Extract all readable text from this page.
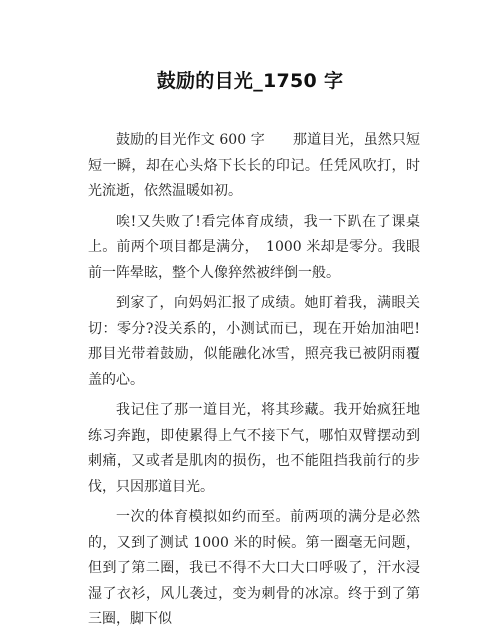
鼓励的目光_1750 字

鼓励的目光作文 600 字　　那道目光，虽然只短短一瞬，却在心头烙下长长的印记。任凭风吹打，时光流逝，依然温暖如初。

唉!又失败了!看完体育成绩，我一下趴在了课桌上。前两个项目都是满分，　1000 米却是零分。我眼前一阵晕眩，整个人像猝然被绊倒一般。

到家了，向妈妈汇报了成绩。她盯着我，满眼关切：零分?没关系的，小测试而已，现在开始加油吧!那目光带着鼓励，似能融化冰雪，照亮我已被阴雨覆盖的心。

我记住了那一道目光，将其珍藏。我开始疯狂地练习奔跑，即使累得上气不接下气，哪怕双臂摆动到刺痛，又或者是肌肉的损伤，也不能阻挡我前行的步伐，只因那道目光。

一次的体育模拟如约而至。前两项的满分是必然的，又到了测试 1000 米的时候。第一圈毫无问题，但到了第二圈，我已不得不大口大口呼吸了，汗水浸湿了衣衫，风儿袭过，变为刺骨的冰凉。终于到了第三圈，脚下似
